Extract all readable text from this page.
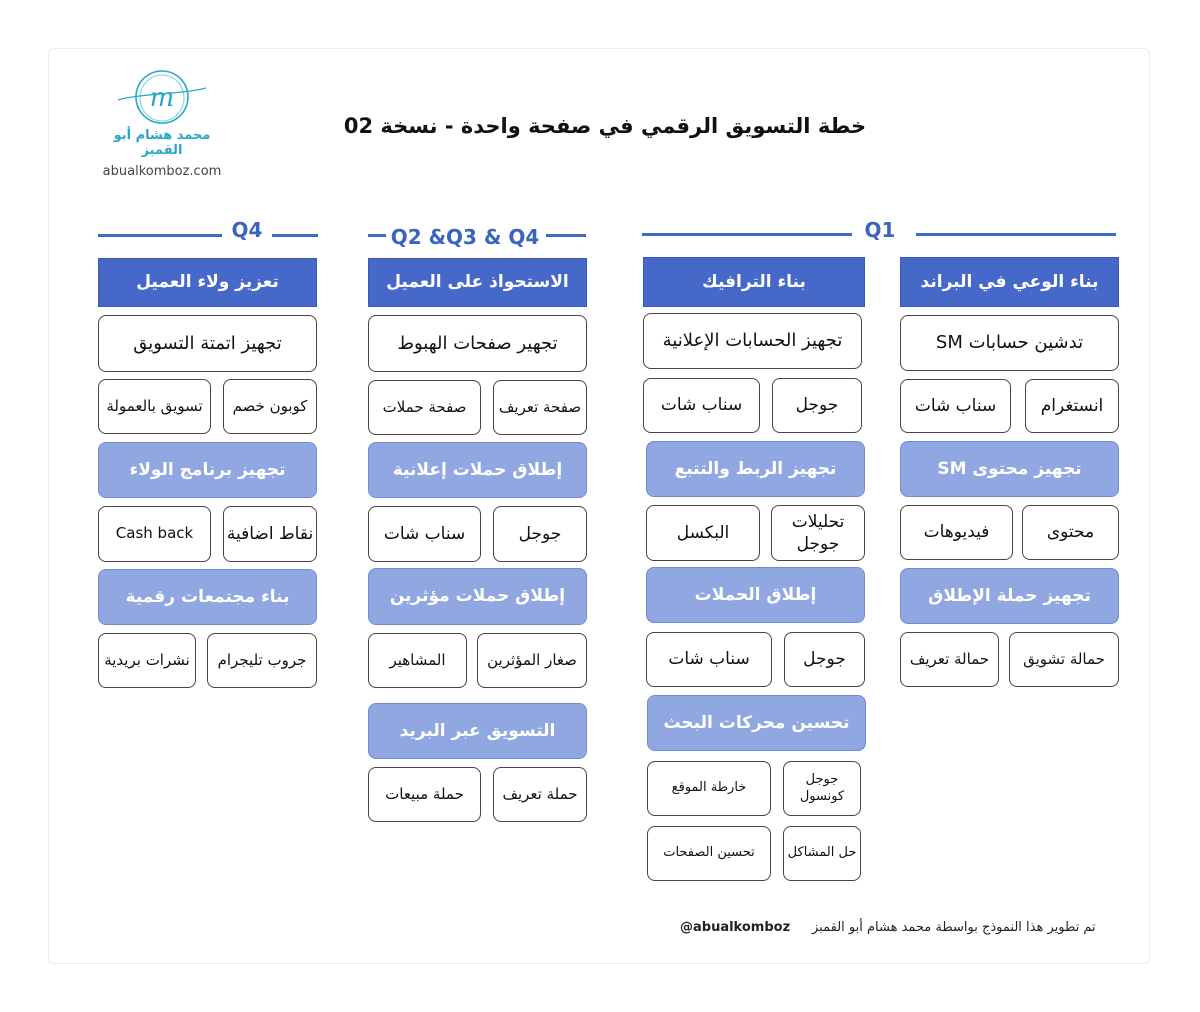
m
محمد هشام أبو القمبز
abualkomboz.com
خطة التسويق الرقمي في صفحة واحدة - نسخة 02
Q1
Q2 &Q3 & Q4
Q4
بناء الوعي في البراند
تدشين حسابات SM
انستغرام
سناب شات
تجهيز محتوى SM
محتوى
فيديوهات
تجهيز حملة الإطلاق
حمالة تشويق
حمالة تعريف
بناء الترافيك
تجهيز الحسابات الإعلانية
جوجل
سناب شات
تجهيز الربط والتتبع
تحليلات جوجل
البكسل
إطلاق الحملات
جوجل
سناب شات
تحسين محركات البحث
جوجل كونسول
خارطة الموقع
حل المشاكل
تحسين الصفحات
الاستحواذ على العميل
تجهير صفحات الهبوط
صفحة تعريف
صفحة حملات
إطلاق حملات إعلانية
جوجل
سناب شات
إطلاق حملات مؤثرين
صغار المؤثرين
المشاهير
التسويق عبر البريد
حملة تعريف
حملة مبيعات
تعزيز ولاء العميل
تجهيز اتمتة التسويق
كوبون خصم
تسويق بالعمولة
تجهيز برنامج الولاء
نقاط اضافية
Cash back
بناء مجتمعات رقمية
جروب تليجرام
نشرات بريدية
تم تطوير هذا النموذج بواسطة محمد هشام أبو القمبز
@abualkomboz
